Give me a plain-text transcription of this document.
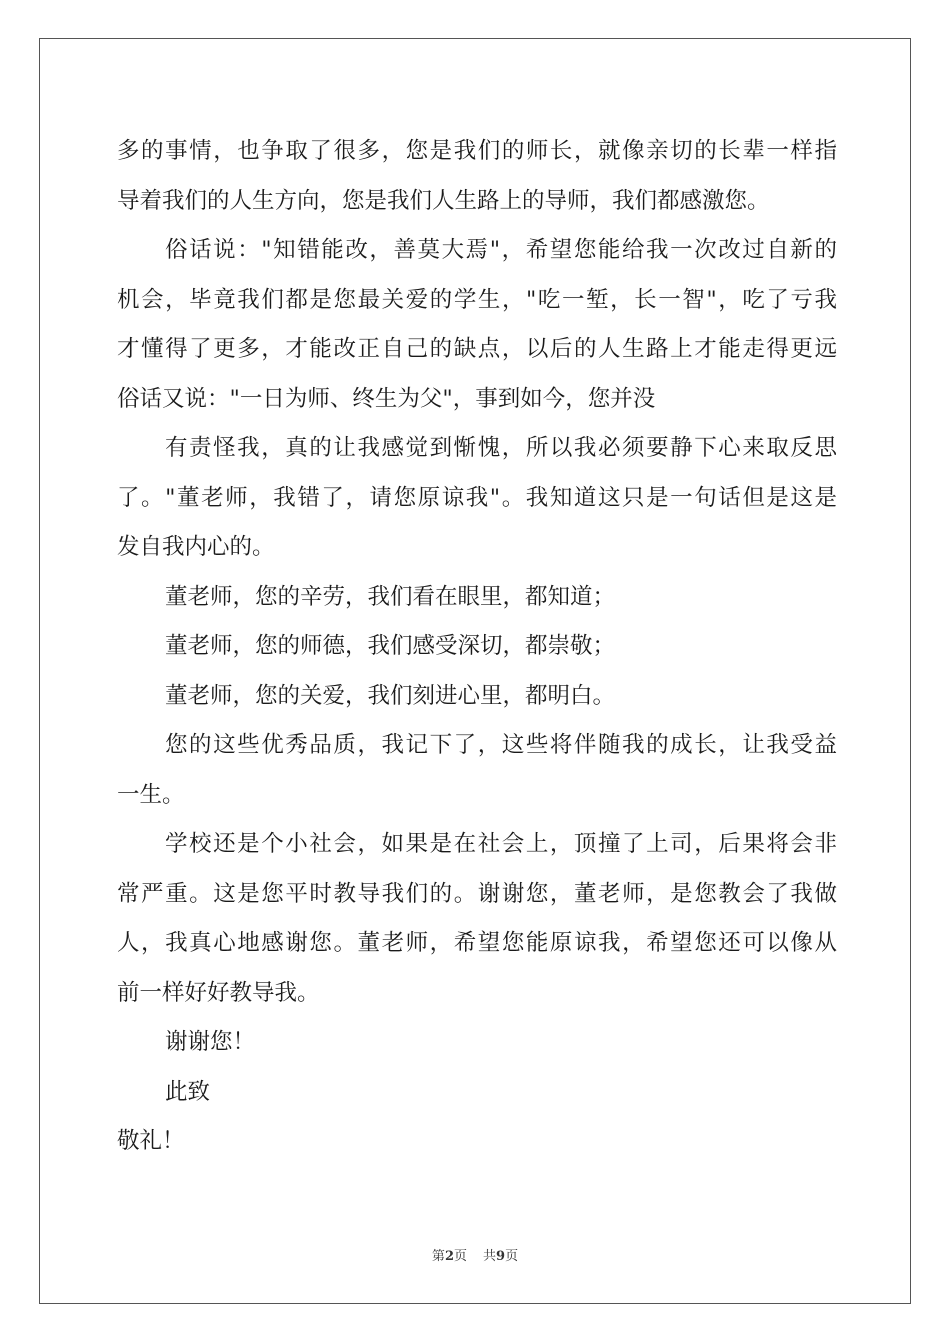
多的事情，也争取了很多，您是我们的师长，就像亲切的长辈一样指
导着我们的人生方向，您是我们人生路上的导师，我们都感激您。
俗话说："知错能改，善莫大焉"，希望您能给我一次改过自新的
机会，毕竟我们都是您最关爱的学生，"吃一堑，长一智"，吃了亏我
才懂得了更多，才能改正自己的缺点，以后的人生路上才能走得更远
俗话又说："一日为师、终生为父"，事到如今，您并没
有责怪我，真的让我感觉到惭愧，所以我必须要静下心来取反思
了。"董老师，我错了，请您原谅我"。我知道这只是一句话但是这是
发自我内心的。
董老师，您的辛劳，我们看在眼里，都知道；
董老师，您的师德，我们感受深切，都崇敬；
董老师，您的关爱，我们刻进心里，都明白。
您的这些优秀品质，我记下了，这些将伴随我的成长，让我受益
一生。
学校还是个小社会，如果是在社会上，顶撞了上司，后果将会非
常严重。这是您平时教导我们的。谢谢您，董老师，是您教会了我做
人，我真心地感谢您。董老师，希望您能原谅我，希望您还可以像从
前一样好好教导我。
谢谢您！
此致
敬礼！
第2页 共9页
